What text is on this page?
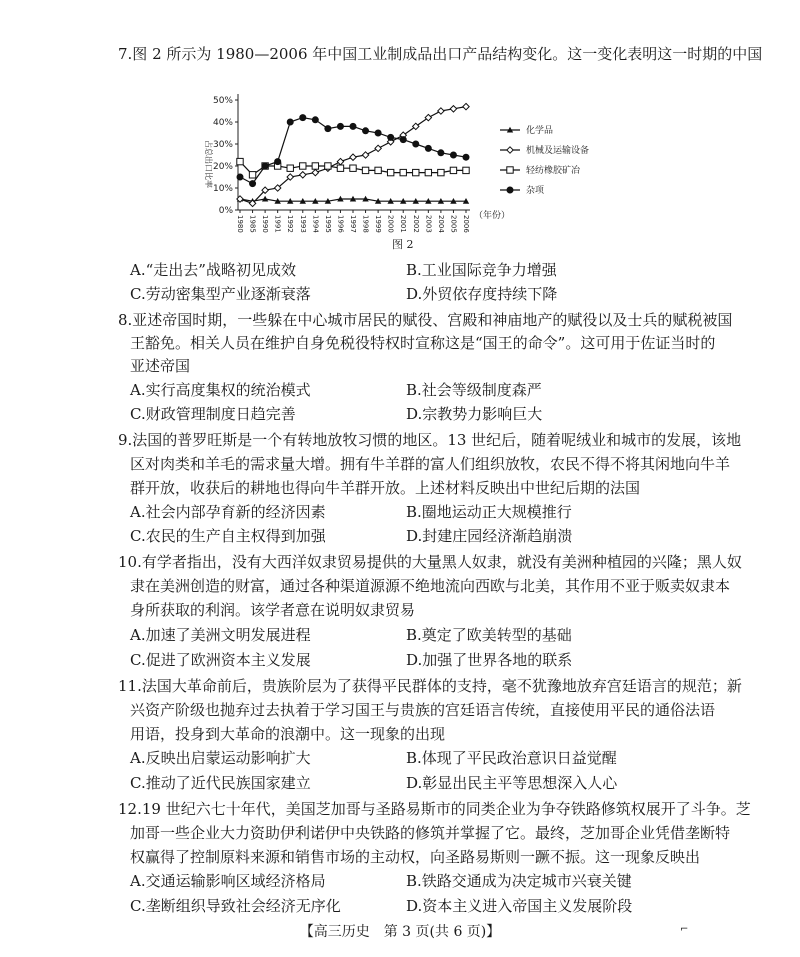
7.图 2 所示为 1980—2006 年中国工业制成品出口产品结构变化。这一变化表明这一时期的中国
0%
10%
20%
30%
40%
50%
占总出口比率
1980 1985 1990 1991 1992 1993 1994 1995 1996 1997 1998 1999 2000 2001 2002 2003 2004 2005 2006 （年份）
化学品
机械及运输设备
轻纺橡胶矿冶
杂项
图 2
A.“走出去”战略初见成效	B.工业国际竞争力增强
C.劳动密集型产业逐渐衰落	D.外贸依存度持续下降
8.亚述帝国时期，一些躲在中心城市居民的赋役、宫殿和神庙地产的赋役以及士兵的赋税被国
王豁免。相关人员在维护自身免税役特权时宣称这是“国王的命令”。这可用于佐证当时的
亚述帝国
A.实行高度集权的统治模式	B.社会等级制度森严
C.财政管理制度日趋完善	D.宗教势力影响巨大
9.法国的普罗旺斯是一个有转地放牧习惯的地区。13 世纪后，随着呢绒业和城市的发展，该地
区对肉类和羊毛的需求量大增。拥有牛羊群的富人们组织放牧，农民不得不将其闲地向牛羊
群开放，收获后的耕地也得向牛羊群开放。上述材料反映出中世纪后期的法国
A.社会内部孕育新的经济因素	B.圈地运动正大规模推行
C.农民的生产自主权得到加强	D.封建庄园经济渐趋崩溃
10.有学者指出，没有大西洋奴隶贸易提供的大量黑人奴隶，就没有美洲种植园的兴隆；黑人奴
隶在美洲创造的财富，通过各种渠道源源不绝地流向西欧与北美，其作用不亚于贩卖奴隶本
身所获取的利润。该学者意在说明奴隶贸易
A.加速了美洲文明发展进程	B.奠定了欧美转型的基础
C.促进了欧洲资本主义发展	D.加强了世界各地的联系
11.法国大革命前后，贵族阶层为了获得平民群体的支持，毫不犹豫地放弃宫廷语言的规范；新
兴资产阶级也抛弃过去执着于学习国王与贵族的宫廷语言传统，直接使用平民的通俗法语
用语，投身到大革命的浪潮中。这一现象的出现
A.反映出启蒙运动影响扩大	B.体现了平民政治意识日益觉醒
C.推动了近代民族国家建立	D.彰显出民主平等思想深入人心
12.19 世纪六七十年代，美国芝加哥与圣路易斯市的同类企业为争夺铁路修筑权展开了斗争。芝
加哥一些企业大力资助伊利诺伊中央铁路的修筑并掌握了它。最终，芝加哥企业凭借垄断特
权赢得了控制原料来源和销售市场的主动权，向圣路易斯则一蹶不振。这一现象反映出
A.交通运输影响区域经济格局	B.铁路交通成为决定城市兴衰关键
C.垄断组织导致社会经济无序化	D.资本主义进入帝国主义发展阶段
【高三历史　第 3 页(共 6 页)】	⌐
